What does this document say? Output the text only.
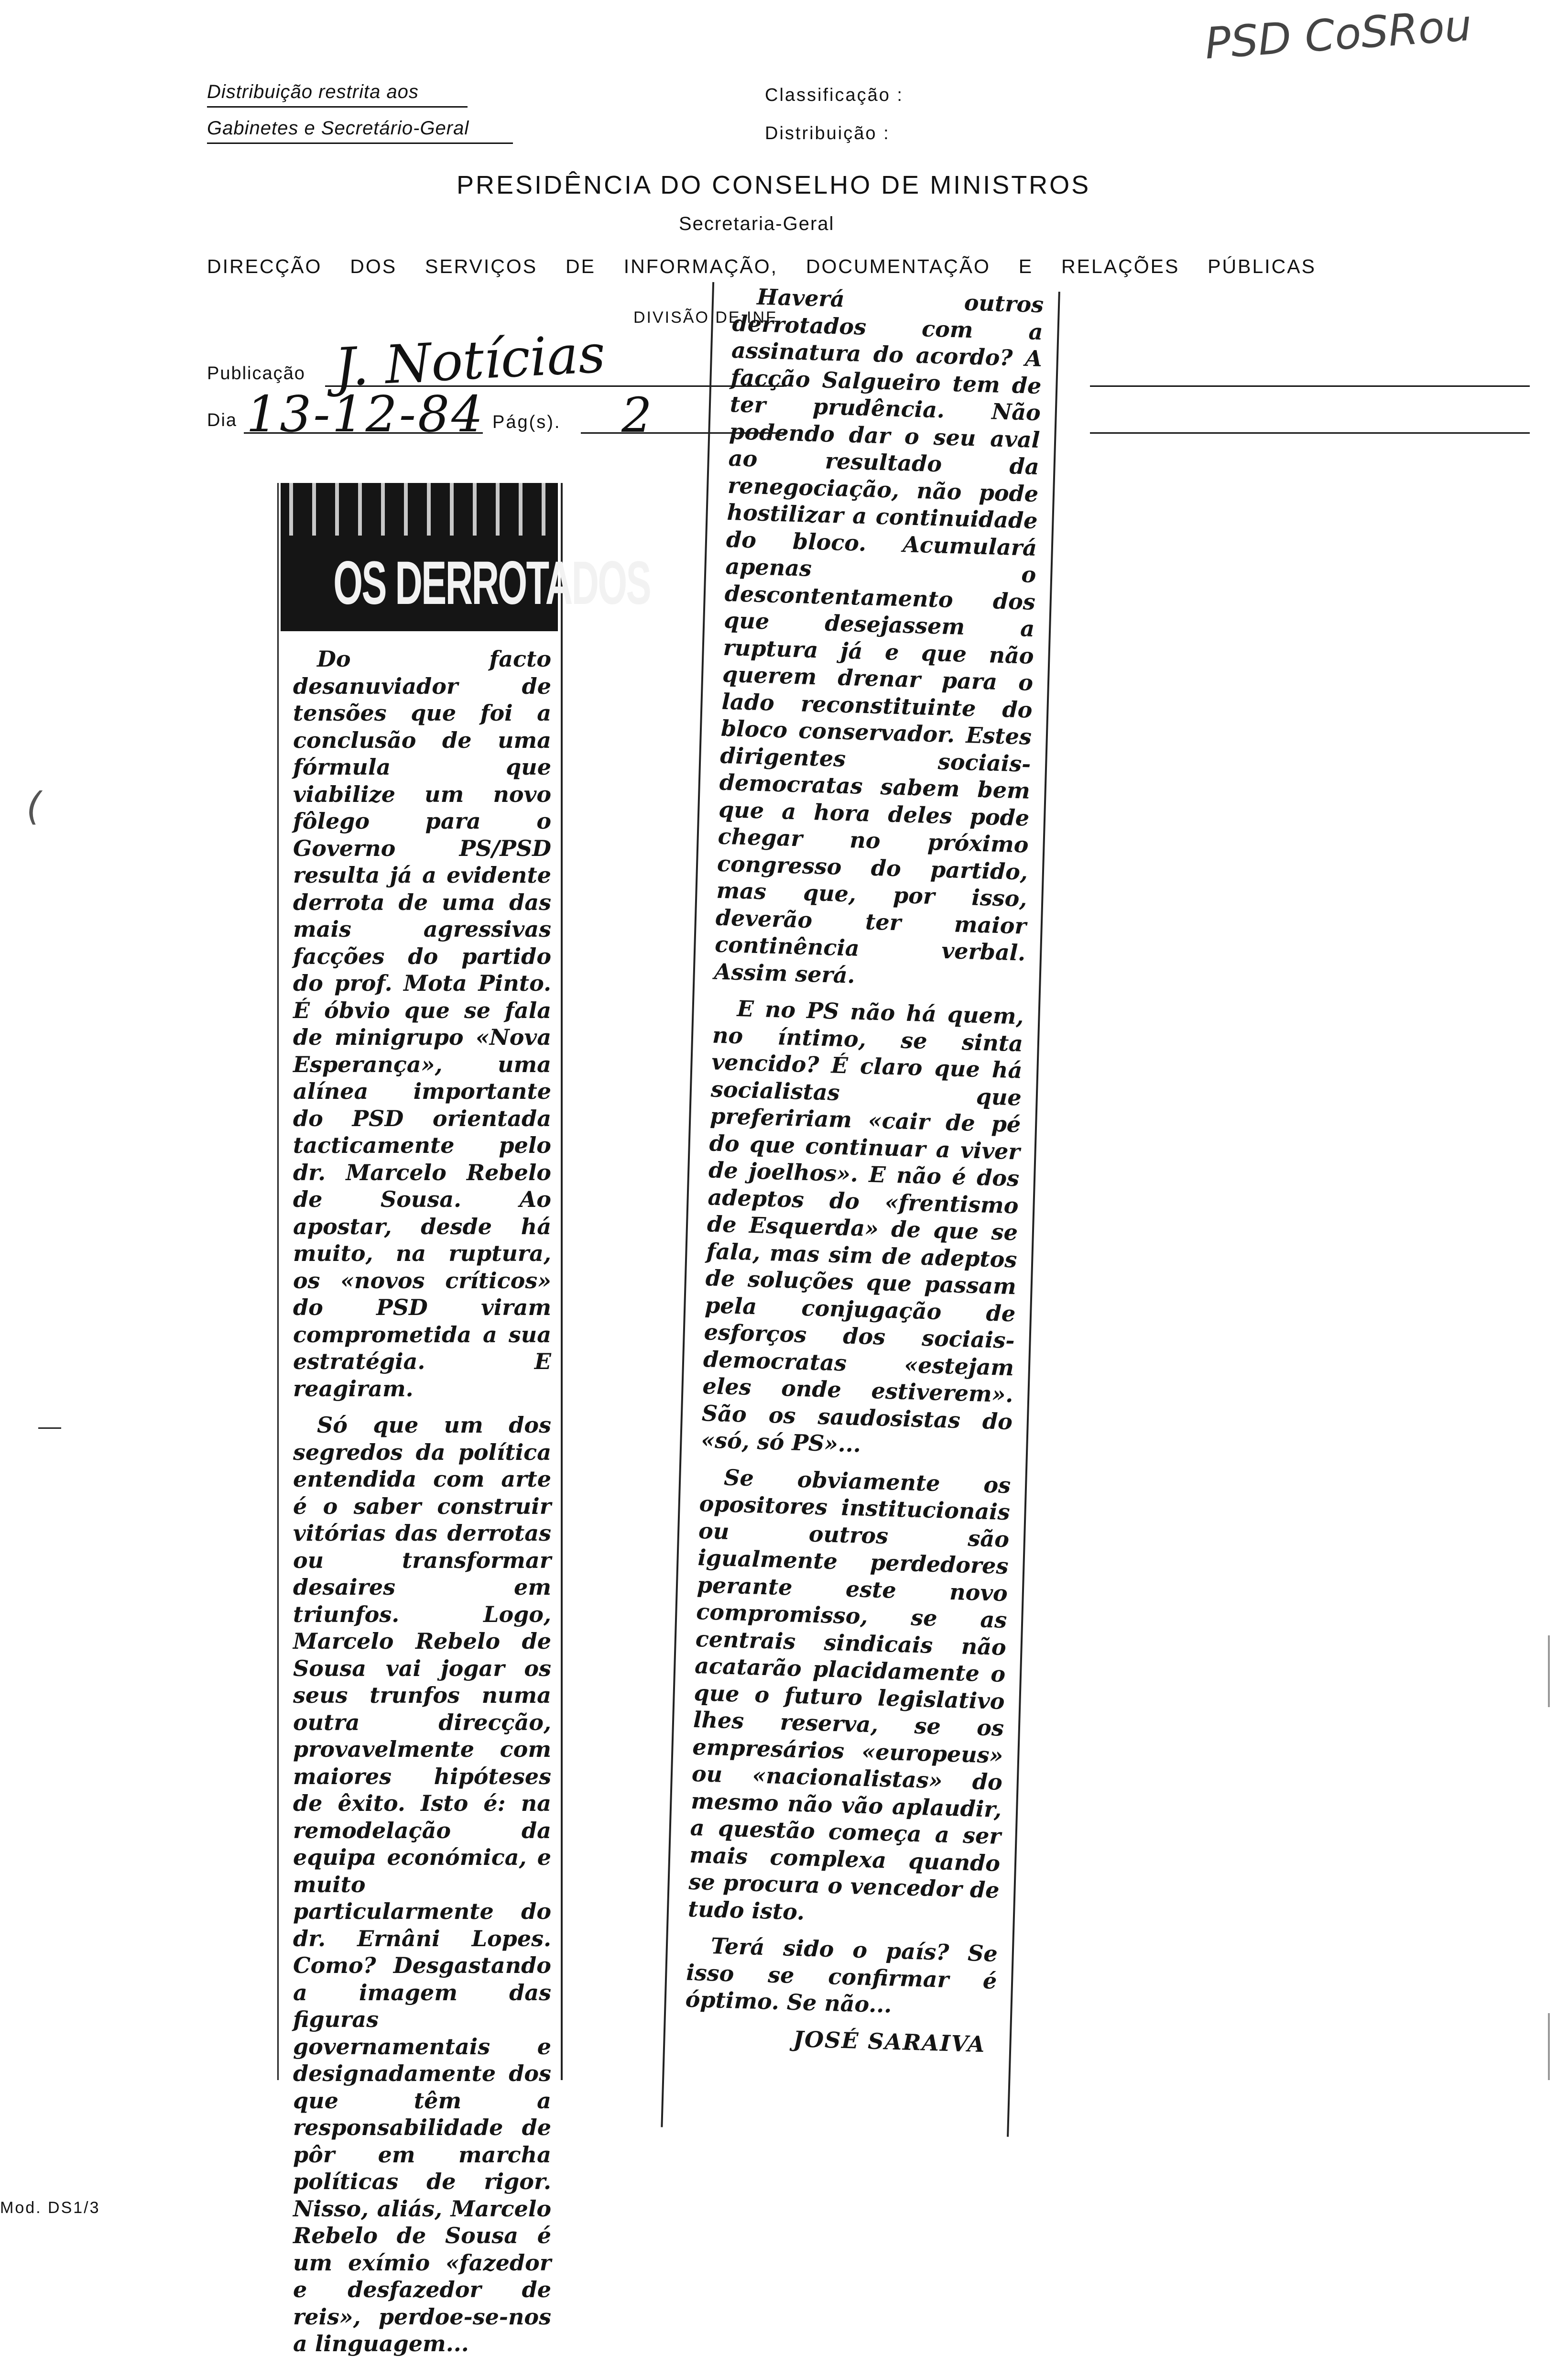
Distribuição restrita aos
Gabinetes e Secretário-Geral
Classificação :
Distribuição :
PSD CoSRou
PRESIDÊNCIA DO CONSELHO DE MINISTROS
Secretaria-Geral
DIRECÇÃO DOS SERVIÇOS DE INFORMAÇÃO, DOCUMENTAÇÃO E RELAÇÕES PÚBLICAS
DIVISÃO DE INF
Publicação J. Notícias
Dia 13-12-84 Pág(s). 2
OS DERROTADOS

Do facto desanuviador de tensões que foi a conclusão de uma fórmula que viabilize um novo fôlego para o Governo PS/PSD resulta já a evidente derrota de uma das mais agressivas facções do partido do prof. Mota Pinto. É óbvio que se fala de minigrupo «Nova Esperança», uma alínea importante do PSD orientada tacticamente pelo dr. Marcelo Rebelo de Sousa. Ao apostar, desde há muito, na ruptura, os «novos críticos» do PSD viram comprometida a sua estratégia. E reagiram.

Só que um dos segredos da política entendida com arte é o saber construir vitórias das derrotas ou transformar desaires em triunfos. Logo, Marcelo Rebelo de Sousa vai jogar os seus trunfos numa outra direcção, provavelmente com maiores hipóteses de êxito. Isto é: na remodelação da equipa económica, e muito particularmente do dr. Ernâni Lopes. Como? Desgastando a imagem das figuras governamentais e designadamente dos que têm a responsabilidade de pôr em marcha políticas de rigor. Nisso, aliás, Marcelo Rebelo de Sousa é um exímio «fazedor e desfazedor de reis», perdoe-se-nos a linguagem...

Haverá outros derrotados com a assinatura do acordo? A facção Salgueiro tem de ter prudência. Não podendo dar o seu aval ao resultado da renegociação, não pode hostilizar a continuidade do bloco. Acumulará apenas o descontentamento dos que desejassem a ruptura já e que não querem drenar para o lado reconstituinte do bloco conservador. Estes dirigentes sociais-democratas sabem bem que a hora deles pode chegar no próximo congresso do partido, mas que, por isso, deverão ter maior continência verbal. Assim será.

E no PS não há quem, no íntimo, se sinta vencido? É claro que há socialistas que prefeririam «cair de pé do que continuar a viver de joelhos». E não é dos adeptos do «frentismo de Esquerda» de que se fala, mas sim de adeptos de soluções que passam pela conjugação de esforços dos sociais-democratas «estejam eles onde estiverem». São os saudosistas do «só, só PS»...

Se obviamente os opositores institucionais ou outros são igualmente perdedores perante este novo compromisso, se as centrais sindicais não acatarão placidamente o que o futuro legislativo lhes reserva, se os empresários «europeus» ou «nacionalistas» do mesmo não vão aplaudir, a questão começa a ser mais complexa quando se procura o vencedor de tudo isto.

Terá sido o país? Se isso se confirmar é óptimo. Se não...

JOSÉ SARAIVA
(
Mod. DS1/3
